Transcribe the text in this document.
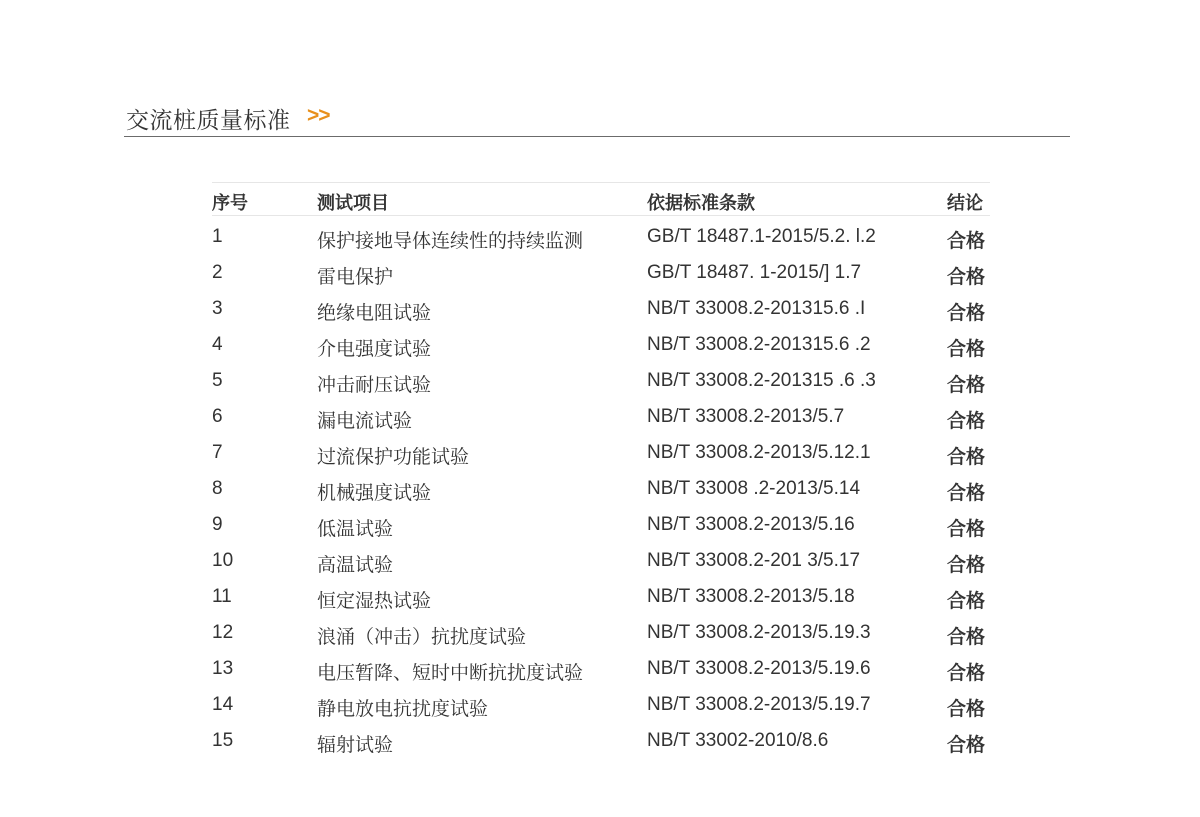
交流桩质量标准 >>
序号	测试项目	依据标准条款	结论
1	保护接地导体连续性的持续监测	GB/T 18487.1-2015/5.2. l.2	合格
2	雷电保护	GB/T 18487. 1-2015/] 1.7	合格
3	绝缘电阻试验	NB/T 33008.2-201315.6 .I	合格
4	介电强度试验	NB/T 33008.2-201315.6 .2	合格
5	冲击耐压试验	NB/T 33008.2-201315 .6 .3	合格
6	漏电流试验	NB/T 33008.2-2013/5.7	合格
7	过流保护功能试验	NB/T 33008.2-2013/5.12.1	合格
8	机械强度试验	NB/T 33008 .2-2013/5.14	合格
9	低温试验	NB/T 33008.2-2013/5.16	合格
10	高温试验	NB/T 33008.2-201 3/5.17	合格
11	恒定湿热试验	NB/T 33008.2-2013/5.18	合格
12	浪涌（冲击）抗扰度试验	NB/T 33008.2-2013/5.19.3	合格
13	电压暂降、短时中断抗扰度试验	NB/T 33008.2-2013/5.19.6	合格
14	静电放电抗扰度试验	NB/T 33008.2-2013/5.19.7	合格
15	辐射试验	NB/T 33002-2010/8.6	合格
